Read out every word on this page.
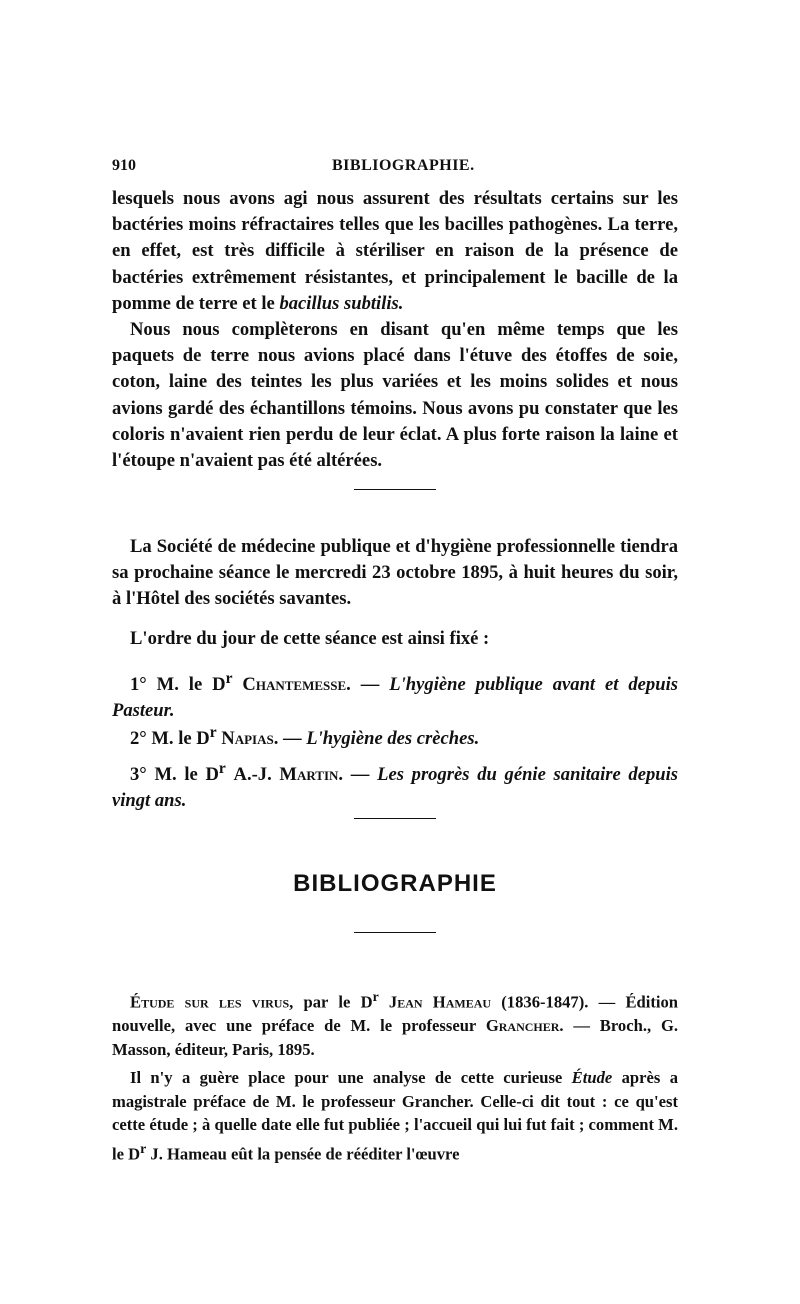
910	BIBLIOGRAPHIE.

lesquels nous avons agi nous assurent des résultats certains sur les bactéries moins réfractaires telles que les bacilles pathogènes. La terre, en effet, est très difficile à stériliser en raison de la présence de bactéries extrêmement résistantes, et principalement le bacille de la pomme de terre et le bacillus subtilis.

Nous nous complèterons en disant qu'en même temps que les paquets de terre nous avions placé dans l'étuve des étoffes de soie, coton, laine des teintes les plus variées et les moins solides et nous avions gardé des échantillons témoins. Nous avons pu constater que les coloris n'avaient rien perdu de leur éclat. A plus forte raison la laine et l'étoupe n'avaient pas été altérées.

La Société de médecine publique et d'hygiène professionnelle tiendra sa prochaine séance le mercredi 23 octobre 1895, à huit heures du soir, à l'Hôtel des sociétés savantes.

L'ordre du jour de cette séance est ainsi fixé :

1° M. le $D^r$ Chantemesse. — L'hygiène publique avant et depuis Pasteur.

2° M. le $D^r$ Napias. — L'hygiène des crèches.

3° M. le $D^r$ A.-J. Martin. — Les progrès du génie sanitaire depuis vingt ans.

BIBLIOGRAPHIE

Étude sur les virus, par le $D^r$ Jean Hameau (1836-1847). — Édition nouvelle, avec une préface de M. le professeur Grancher. — Broch., G. Masson, éditeur, Paris, 1895.

Il n'y a guère place pour une analyse de cette curieuse Étude après a magistrale préface de M. le professeur Grancher. Celle-ci dit tout : ce qu'est cette étude ; à quelle date elle fut publiée ; l'accueil qui lui fut fait ; comment M. le $D^r$ J. Hameau eût la pensée de rééditer l'œuvre
